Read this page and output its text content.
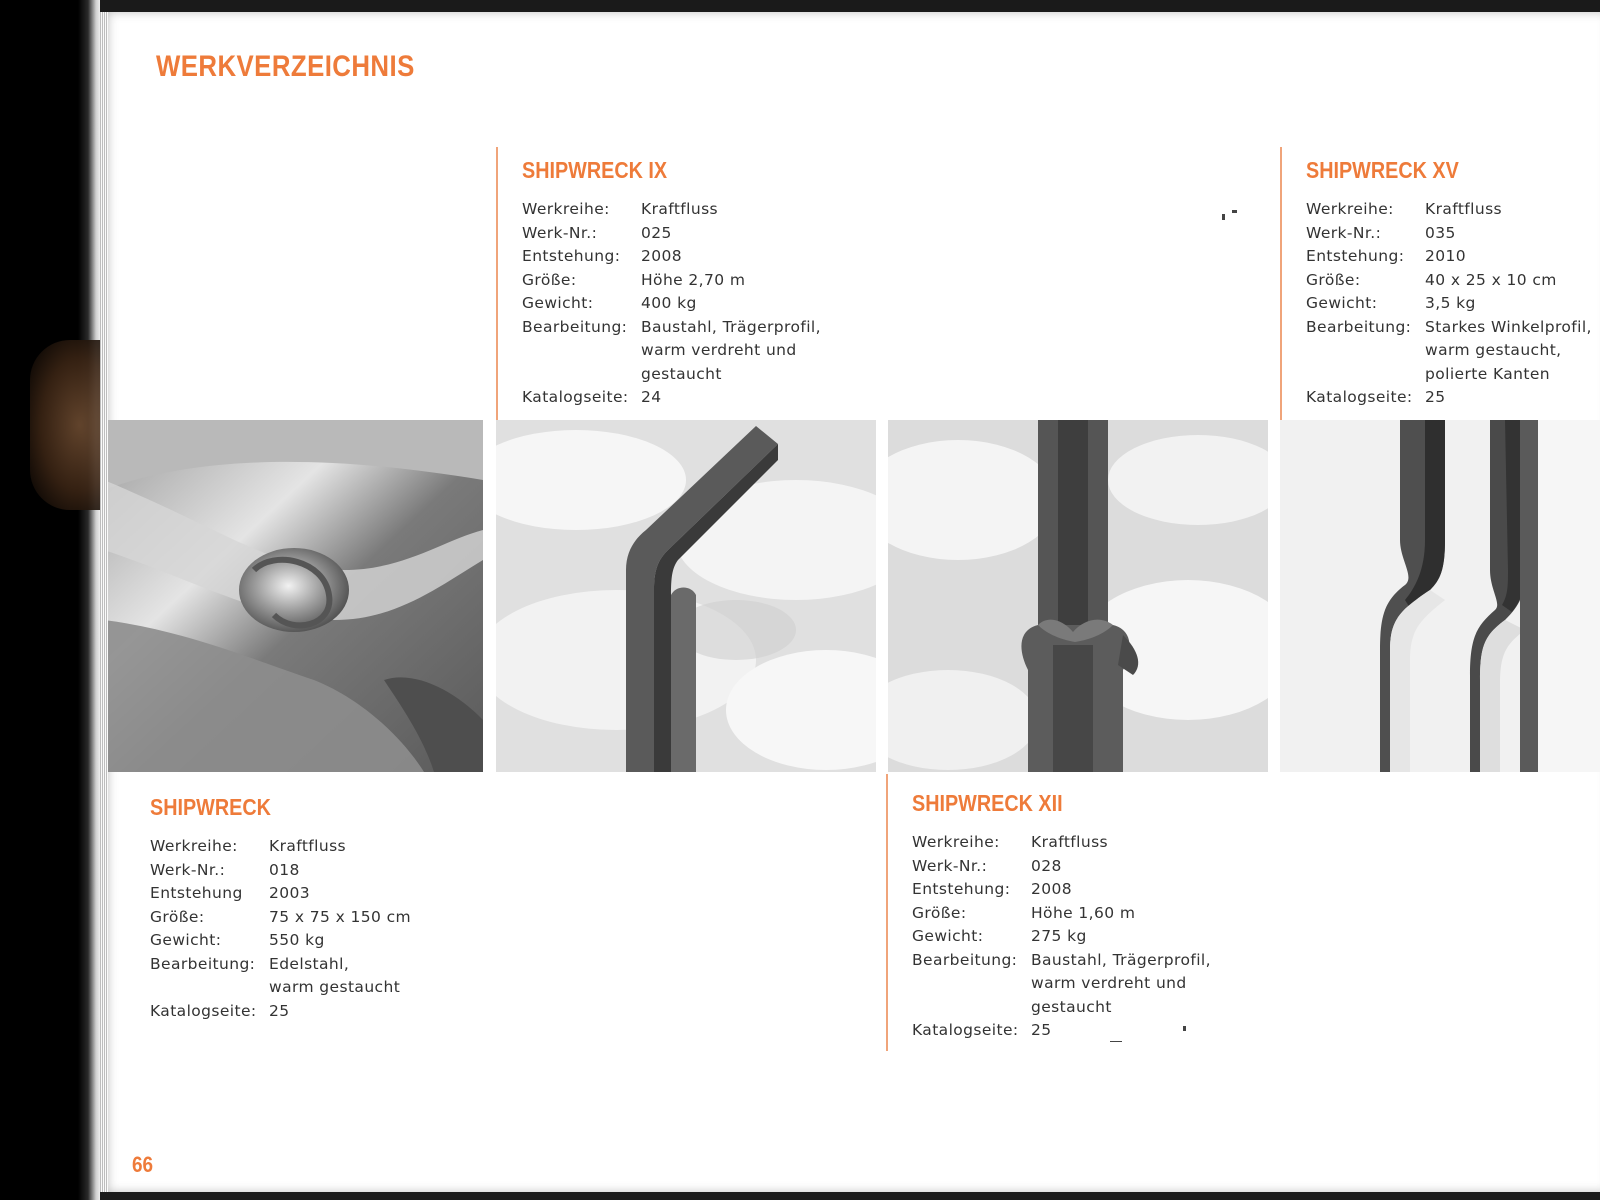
WERKVERZEICHNIS
SHIPWRECK IX
Werkreihe:	Kraftfluss
Werk-Nr.:	025
Entstehung:	2008
Größe:	Höhe 2,70 m
Gewicht:	400 kg
Bearbeitung:	Baustahl, Trägerprofil,
warm verdreht und
gestaucht

Katalogseite:	24
SHIPWRECK XV
Werkreihe:	Kraftfluss
Werk-Nr.:	035
Entstehung:	2010
Größe:	40 x 25 x 10 cm
Gewicht:	3,5 kg
Bearbeitung:	Starkes Winkelprofil,
warm gestaucht,
polierte Kanten

Katalogseite:	25
SHIPWRECK
Werkreihe:	Kraftfluss
Werk-Nr.:	018
Entstehung	2003
Größe:	75 x 75 x 150 cm
Gewicht:	550 kg
Bearbeitung:	Edelstahl,
warm gestaucht

Katalogseite:	25
SHIPWRECK XII
Werkreihe:	Kraftfluss
Werk-Nr.:	028
Entstehung:	2008
Größe:	Höhe 1,60 m
Gewicht:	275 kg
Bearbeitung:	Baustahl, Trägerprofil,
warm verdreht und
gestaucht

Katalogseite:	25
66
